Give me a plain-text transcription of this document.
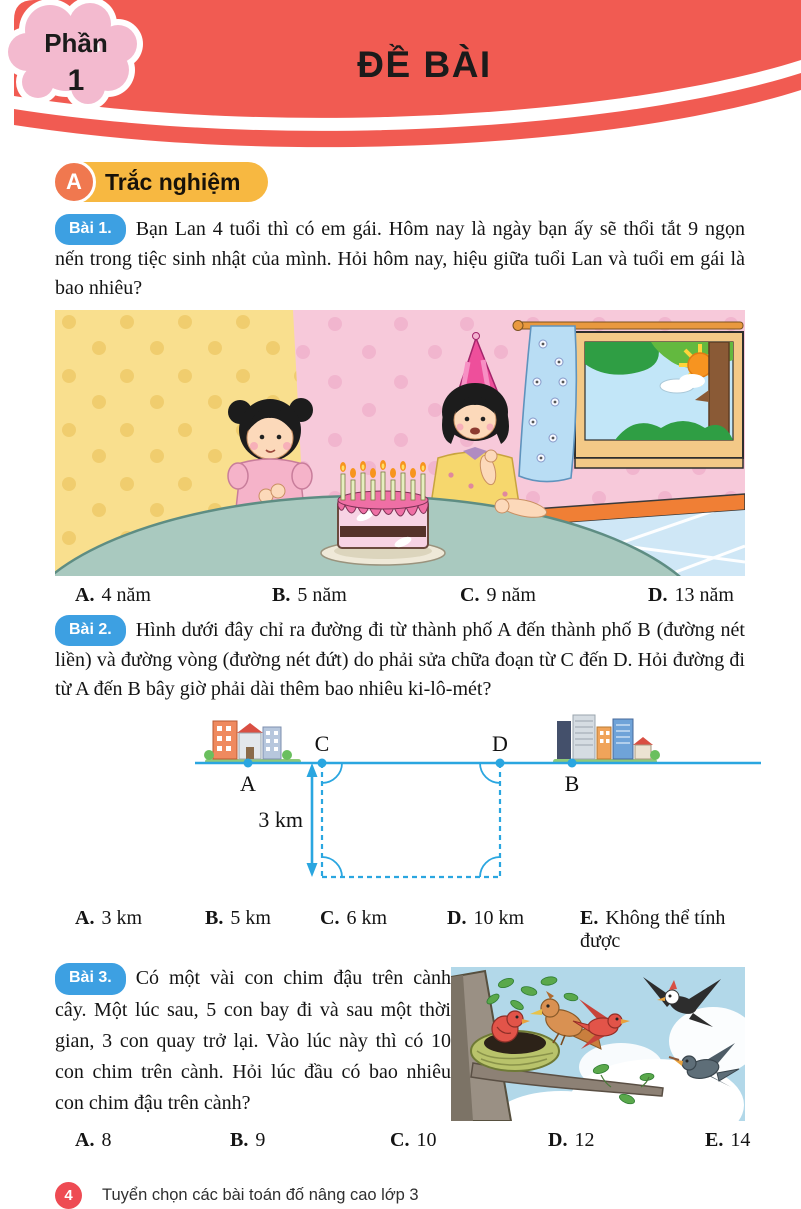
ĐỀ BÀI
Phần
1
A Trắc nghiệm

Bài 1. Bạn Lan 4 tuổi thì có em gái. Hôm nay là ngày bạn ấy sẽ thổi tắt 9 ngọn nến trong tiệc sinh nhật của mình. Hỏi hôm nay, hiệu giữa tuổi Lan và tuổi em gái là bao nhiêu?

A. 4 năm	B. 5 năm	C. 9 năm	D. 13 năm

Bài 2. Hình dưới đây chỉ ra đường đi từ thành phố A đến thành phố B (đường nét liền) và đường vòng (đường nét đứt) do phải sửa chữa đoạn từ C đến D. Hỏi đường đi từ A đến B bây giờ phải dài thêm bao nhiêu ki-lô-mét?

C	D
A	B
3 km
A. 3 km	B. 5 km	C. 6 km	D. 10 km	E. Không thể tính được

Bài 3. Có một vài con chim đậu trên cành cây. Một lúc sau, 5 con bay đi và sau một thời gian, 3 con quay trở lại. Vào lúc này thì có 10 con chim trên cành. Hỏi lúc đầu có bao nhiêu con chim đậu trên cành?

A. 8	B. 9	C. 10	D. 12	E. 14
4	Tuyển chọn các bài toán đố nâng cao lớp 3
